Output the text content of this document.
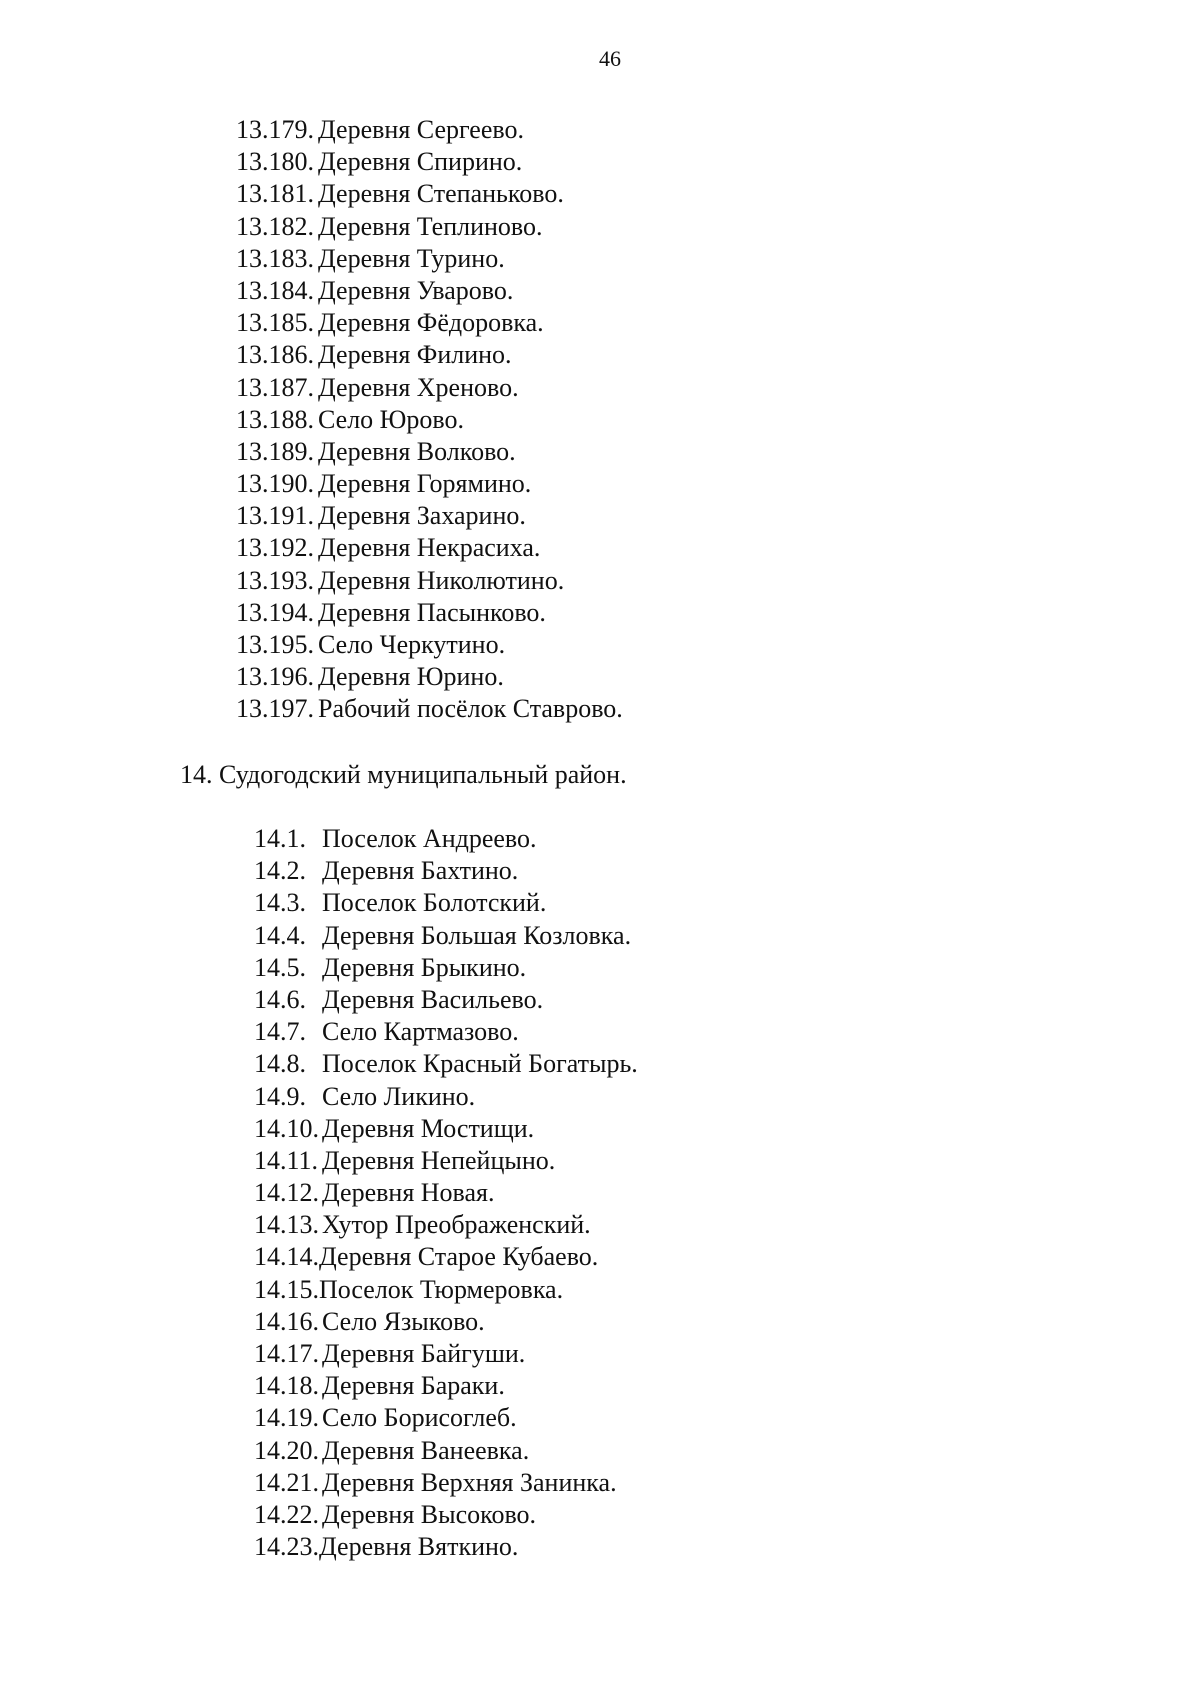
46
13.179. Деревня Сергеево.
13.180. Деревня Спирино.
13.181. Деревня Степаньково.
13.182. Деревня Теплиново.
13.183. Деревня Турино.
13.184. Деревня Уварово.
13.185. Деревня Фёдоровка.
13.186. Деревня Филино.
13.187. Деревня Хреново.
13.188. Село Юрово.
13.189. Деревня Волково.
13.190. Деревня Горямино.
13.191. Деревня Захарино.
13.192. Деревня Некрасиха.
13.193. Деревня Николютино.
13.194. Деревня Пасынково.
13.195. Село Черкутино.
13.196. Деревня Юрино.
13.197. Рабочий посёлок Ставрово.
14. Судогодский муниципальный район.
14.1. Поселок Андреево.
14.2. Деревня Бахтино.
14.3. Поселок Болотский.
14.4. Деревня Большая Козловка.
14.5. Деревня Брыкино.
14.6. Деревня Васильево.
14.7. Село Картмазово.
14.8. Поселок Красный Богатырь.
14.9. Село Ликино.
14.10. Деревня Мостищи.
14.11. Деревня Непейцыно.
14.12. Деревня Новая.
14.13. Хутор Преображенский.
14.14.Деревня Старое Кубаево.
14.15.Поселок Тюрмеровка.
14.16. Село Языково.
14.17. Деревня Байгуши.
14.18. Деревня Бараки.
14.19. Село Борисоглеб.
14.20. Деревня Ванеевка.
14.21. Деревня Верхняя Занинка.
14.22. Деревня Высоково.
14.23.Деревня Вяткино.
